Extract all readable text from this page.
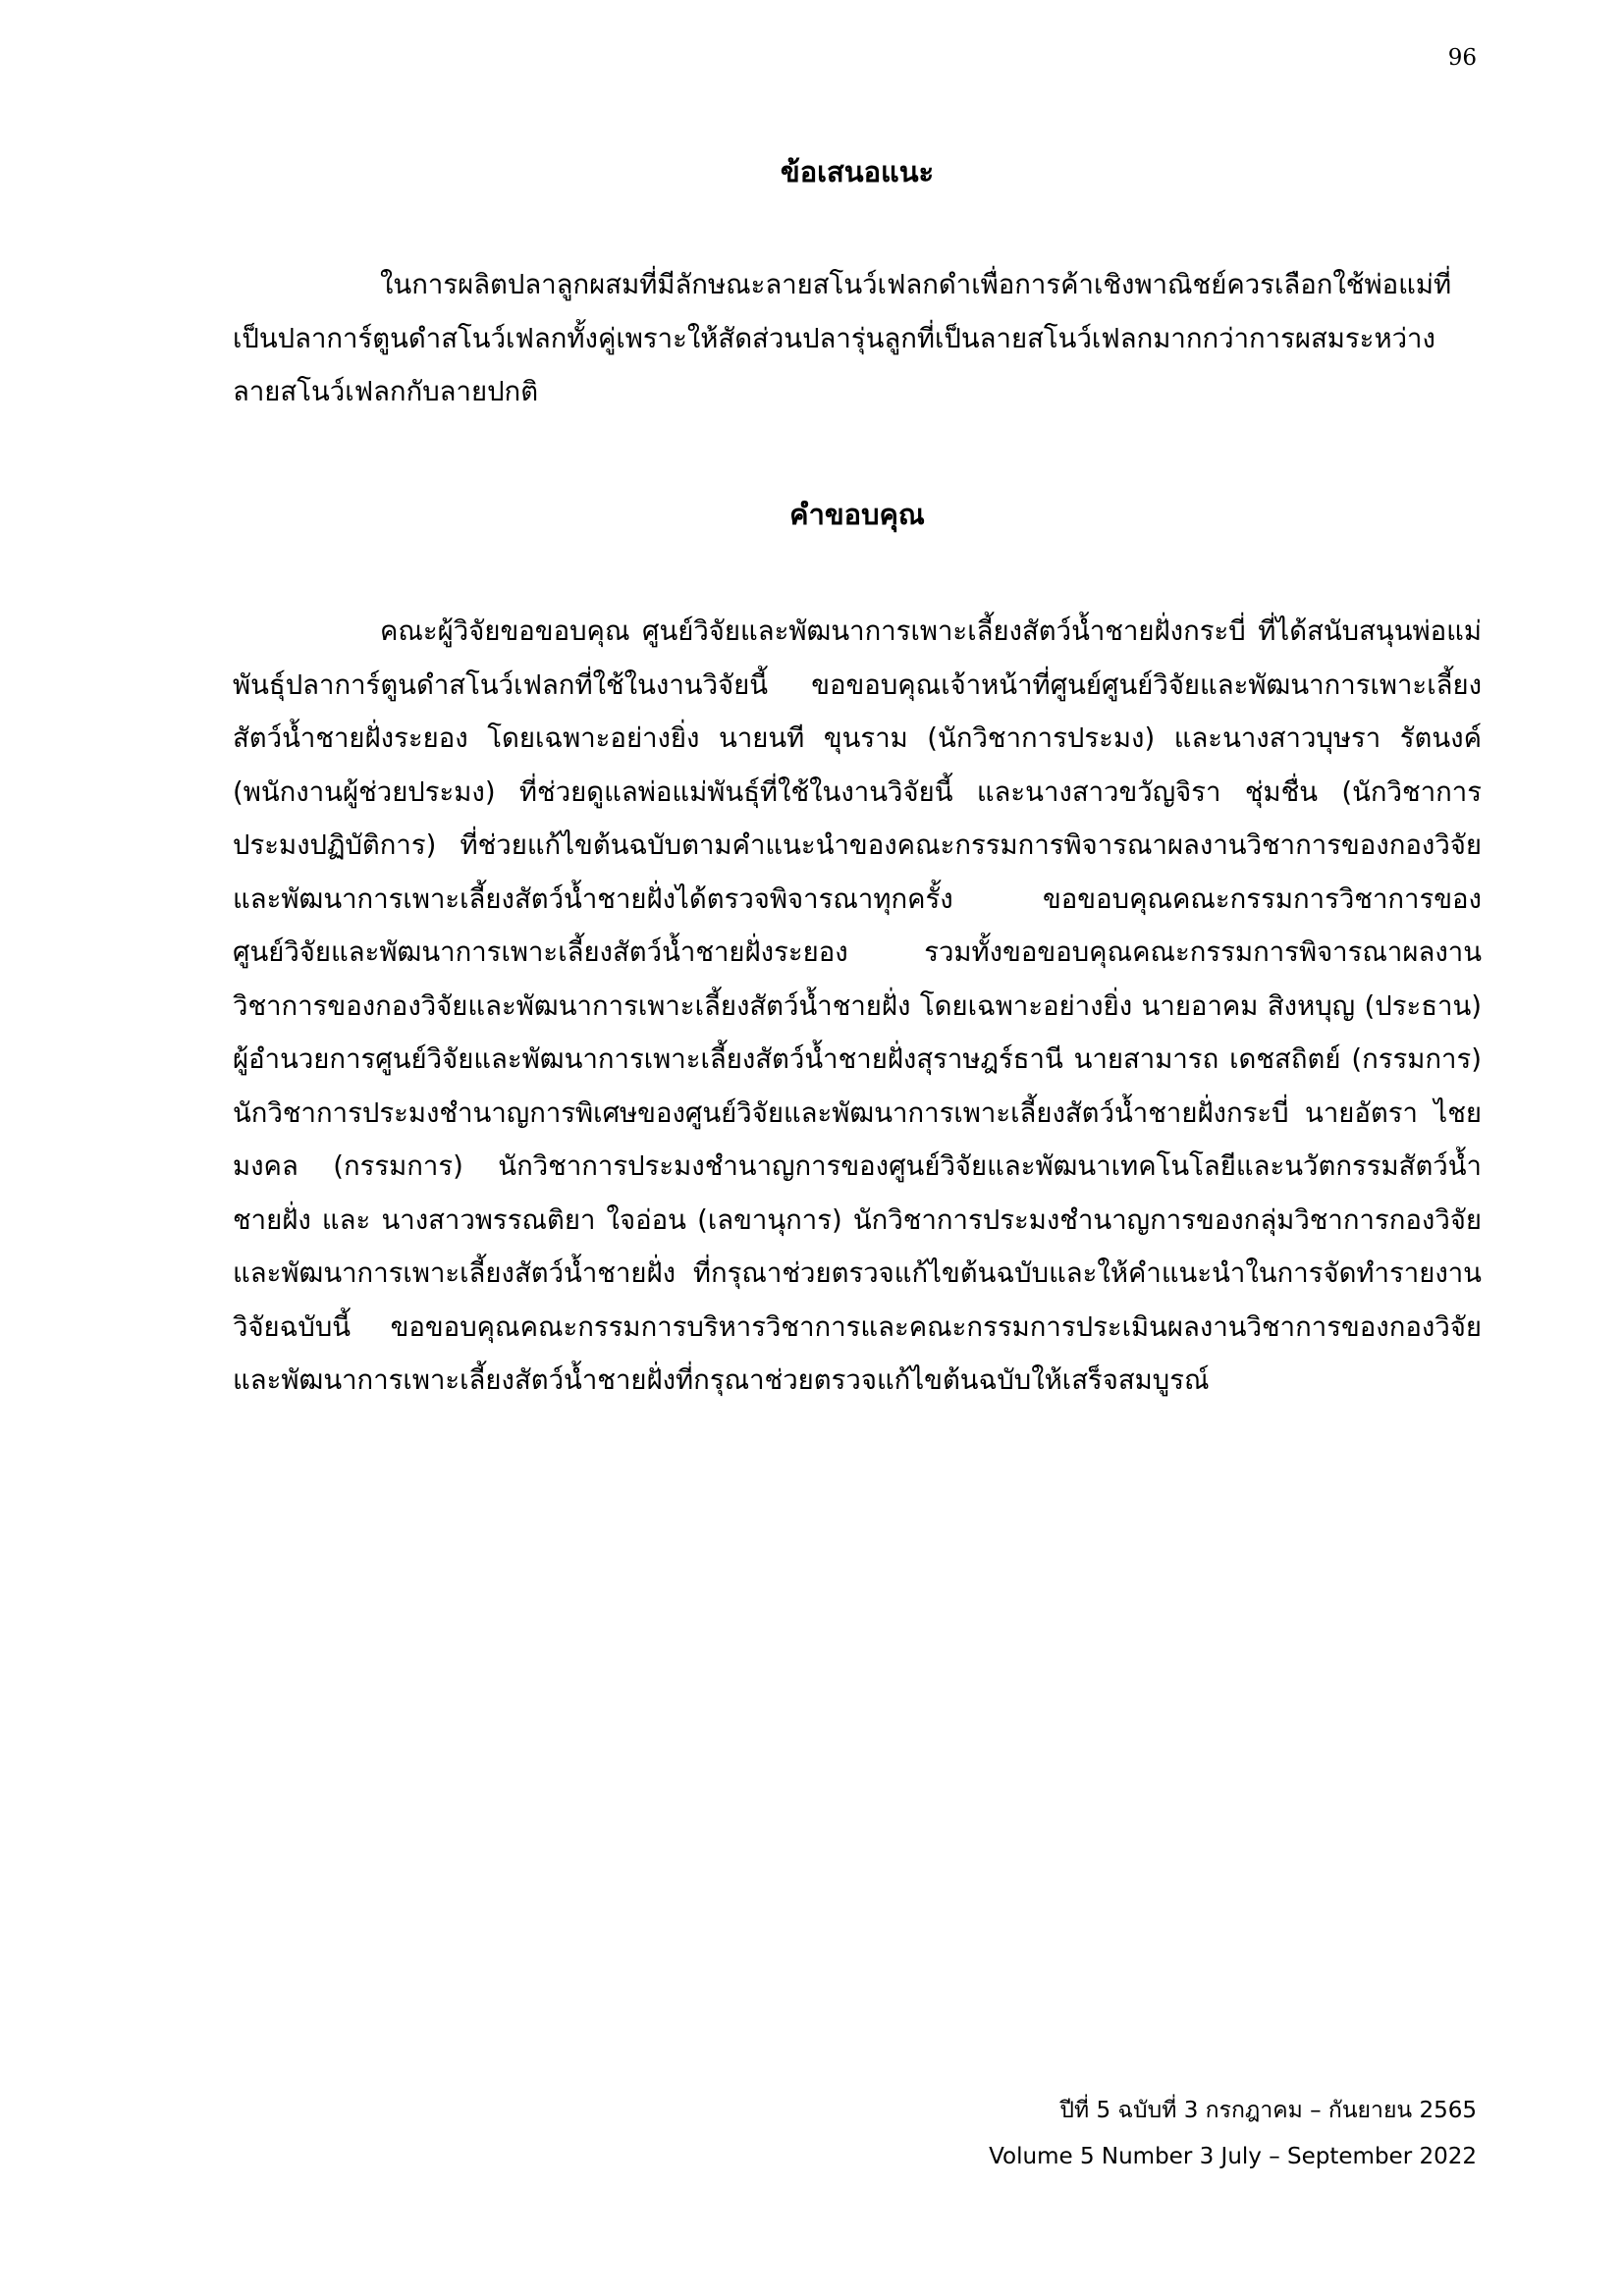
96
ข้อเสนอแนะ

ในการผลิตปลาลูกผสมที่มีลักษณะลายสโนว์เฟลกดำเพื่อการค้าเชิงพาณิชย์ควรเลือกใช้พ่อแม่ที่เป็นปลาการ์ตูนดำสโนว์เฟลกทั้งคู่เพราะให้สัดส่วนปลารุ่นลูกที่เป็นลายสโนว์เฟลกมากกว่าการผสมระหว่างลายสโนว์เฟลกกับลายปกติ

คำขอบคุณ

คณะผู้วิจัยขอขอบคุณ ศูนย์วิจัยและพัฒนาการเพาะเลี้ยงสัตว์น้ำชายฝั่งกระบี่ ที่ได้สนับสนุนพ่อแม่พันธุ์ปลาการ์ตูนดำสโนว์เฟลกที่ใช้ในงานวิจัยนี้ ขอขอบคุณเจ้าหน้าที่ศูนย์ศูนย์วิจัยและพัฒนาการเพาะเลี้ยงสัตว์น้ำชายฝั่งระยอง โดยเฉพาะอย่างยิ่ง นายนที ขุนราม (นักวิชาการประมง) และนางสาวบุษรา รัตนงค์ (พนักงานผู้ช่วยประมง) ที่ช่วยดูแลพ่อแม่พันธุ์ที่ใช้ในงานวิจัยนี้ และนางสาวขวัญจิรา ชุ่มชื่น (นักวิชาการประมงปฏิบัติการ) ที่ช่วยแก้ไขต้นฉบับตามคำแนะนำของคณะกรรมการพิจารณาผลงานวิชาการของกองวิจัยและพัฒนาการเพาะเลี้ยงสัตว์น้ำชายฝั่งได้ตรวจพิจารณาทุกครั้ง ขอขอบคุณคณะกรรมการวิชาการของศูนย์วิจัยและพัฒนาการเพาะเลี้ยงสัตว์น้ำชายฝั่งระยอง รวมทั้งขอขอบคุณคณะกรรมการพิจารณาผลงานวิชาการของกองวิจัยและพัฒนาการเพาะเลี้ยงสัตว์น้ำชายฝั่ง โดยเฉพาะอย่างยิ่ง นายอาคม สิงหบุญ (ประธาน) ผู้อำนวยการศูนย์วิจัยและพัฒนาการเพาะเลี้ยงสัตว์น้ำชายฝั่งสุราษฎร์ธานี นายสามารถ เดชสถิตย์ (กรรมการ) นักวิชาการประมงชำนาญการพิเศษของศูนย์วิจัยและพัฒนาการเพาะเลี้ยงสัตว์น้ำชายฝั่งกระบี่ นายอัตรา ไชยมงคล (กรรมการ) นักวิชาการประมงชำนาญการของศูนย์วิจัยและพัฒนาเทคโนโลยีและนวัตกรรมสัตว์น้ำชายฝั่ง และ นางสาวพรรณติยา ใจอ่อน (เลขานุการ) นักวิชาการประมงชำนาญการของกลุ่มวิชาการกองวิจัยและพัฒนาการเพาะเลี้ยงสัตว์น้ำชายฝั่ง ที่กรุณาช่วยตรวจแก้ไขต้นฉบับและให้คำแนะนำในการจัดทำรายงานวิจัยฉบับนี้ ขอขอบคุณคณะกรรมการบริหารวิชาการและคณะกรรมการประเมินผลงานวิชาการของกองวิจัยและพัฒนาการเพาะเลี้ยงสัตว์น้ำชายฝั่งที่กรุณาช่วยตรวจแก้ไขต้นฉบับให้เสร็จสมบูรณ์

ปีที่ 5 ฉบับที่ 3 กรกฎาคม – กันยายน 2565
Volume 5 Number 3 July – September 2022
